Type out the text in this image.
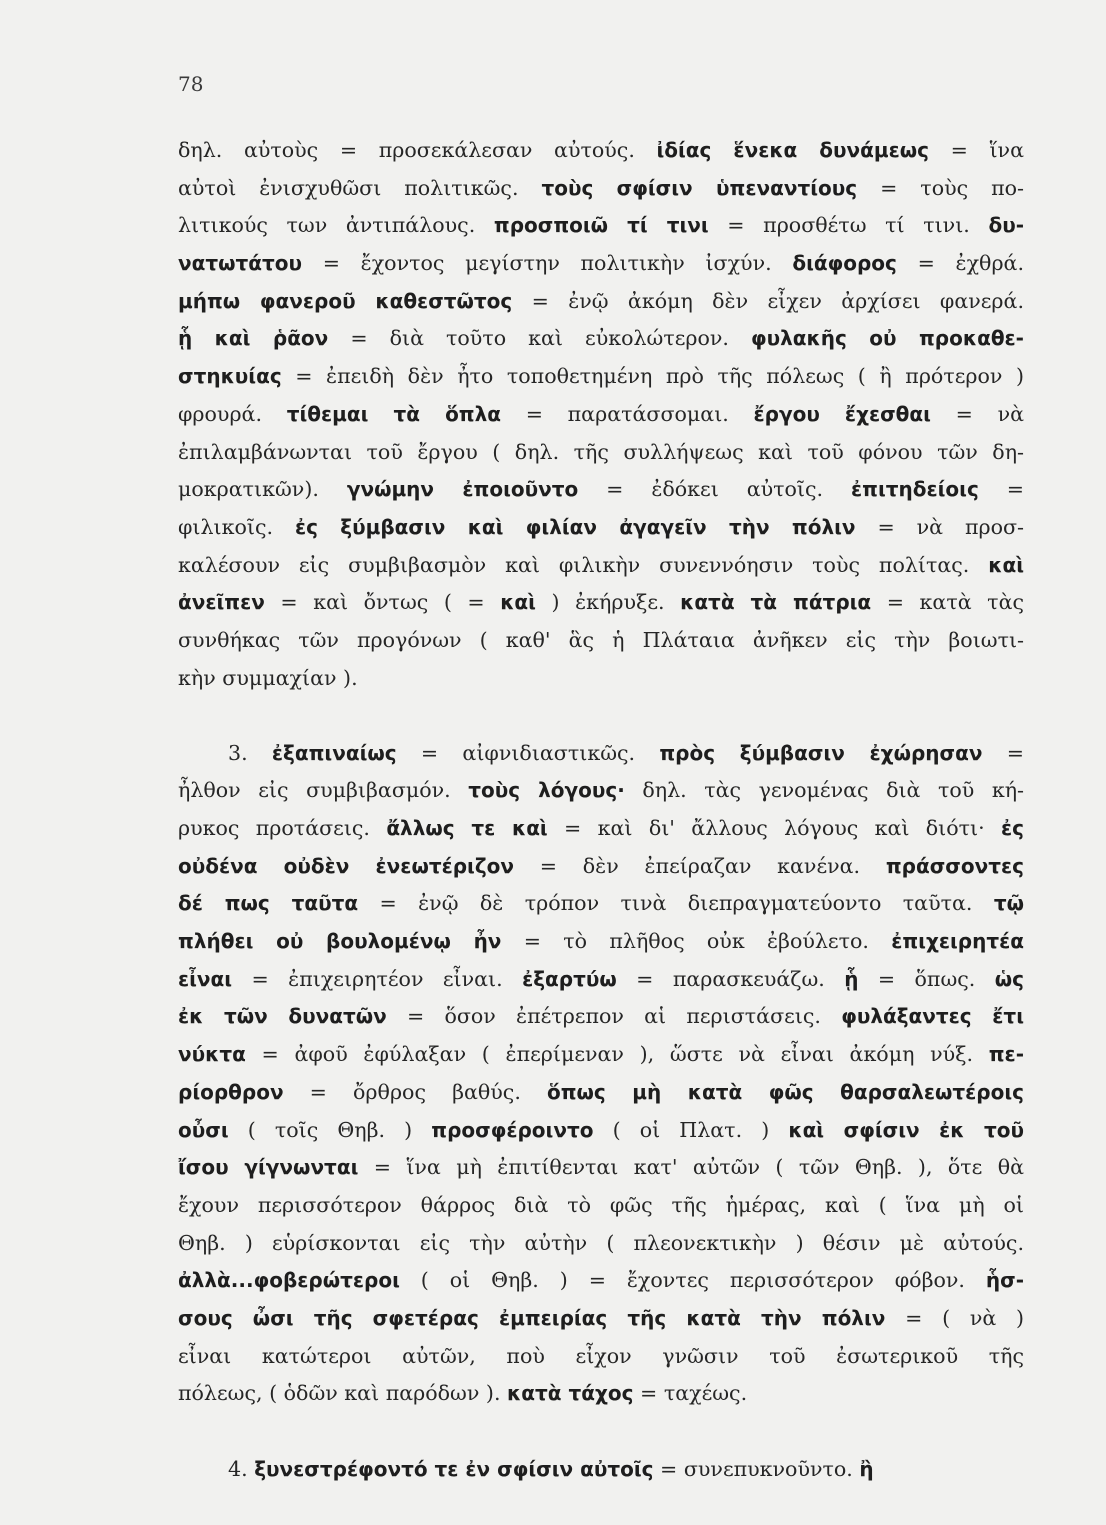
78
δηλ. αὐτοὺς = προσεκάλεσαν αὐτούς. ἰδίας ἕνεκα δυνάμεως = ἵνα
αὐτοὶ ἐνισχυθῶσι πολιτικῶς. τοὺς σφίσιν ὑπεναντίους = τοὺς πο-
λιτικούς των ἀντιπάλους. προσποιῶ τί τινι = προσθέτω τί τινι. δυ-
νατωτάτου = ἔχοντος μεγίστην πολιτικὴν ἰσχύν. διάφορος = ἐχθρά.
μήπω φανεροῦ καθεστῶτος = ἐνῷ ἀκόμη δὲν εἶχεν ἀρχίσει φανερά.
ᾗ καὶ ῥᾶον = διὰ τοῦτο καὶ εὐκολώτερον. φυλακῆς οὐ προκαθε-
στηκυίας = ἐπειδὴ δὲν ἦτο τοποθετημένη πρὸ τῆς πόλεως ( ἢ πρότερον )
φρουρά. τίθεμαι τὰ ὅπλα = παρατάσσομαι. ἔργου ἔχεσθαι = νὰ
ἐπιλαμβάνωνται τοῦ ἔργου ( δηλ. τῆς συλλήψεως καὶ τοῦ φόνου τῶν δη-
μοκρατικῶν). γνώμην ἐποιοῦντο = ἐδόκει αὐτοῖς. ἐπιτηδείοις =
φιλικοῖς. ἐς ξύμβασιν καὶ φιλίαν ἀγαγεῖν τὴν πόλιν = νὰ προσ-
καλέσουν εἰς συμβιβασμὸν καὶ φιλικὴν συνεννόησιν τοὺς πολίτας. καὶ
ἀνεῖπεν = καὶ ὄντως ( = καὶ ) ἐκήρυξε. κατὰ τὰ πάτρια = κατὰ τὰς
συνθήκας τῶν προγόνων ( καθ' ἃς ἡ Πλάταια ἀνῆκεν εἰς τὴν βοιωτι-
κὴν συμμαχίαν ).
3. ἐξαπιναίως = αἰφνιδιαστικῶς. πρὸς ξύμβασιν ἐχώρησαν =
ἦλθον εἰς συμβιβασμόν. τοὺς λόγους· δηλ. τὰς γενομένας διὰ τοῦ κή-
ρυκος προτάσεις. ἄλλως τε καὶ = καὶ δι' ἄλλους λόγους καὶ διότι· ἐς
οὐδένα οὐδὲν ἐνεωτέριζον = δὲν ἐπείραζαν κανένα. πράσσοντες
δέ πως ταῦτα = ἐνῷ δὲ τρόπον τινὰ διεπραγματεύοντο ταῦτα. τῷ
πλήθει οὐ βουλομένῳ ἦν = τὸ πλῆθος οὐκ ἐβούλετο. ἐπιχειρητέα
εἶναι = ἐπιχειρητέον εἶναι. ἐξαρτύω = παρασκευάζω. ᾗ = ὅπως. ὡς
ἐκ τῶν δυνατῶν = ὅσον ἐπέτρεπον αἱ περιστάσεις. φυλάξαντες ἔτι
νύκτα = ἀφοῦ ἐφύλαξαν ( ἐπερίμεναν ), ὥστε νὰ εἶναι ἀκόμη νύξ. πε-
ρίορθρον = ὄρθρος βαθύς. ὅπως μὴ κατὰ φῶς θαρσαλεωτέροις
οὖσι ( τοῖς Θηβ. ) προσφέροιντο ( οἱ Πλατ. ) καὶ σφίσιν ἐκ τοῦ
ἴσου γίγνωνται = ἵνα μὴ ἐπιτίθενται κατ' αὐτῶν ( τῶν Θηβ. ), ὅτε θὰ
ἔχουν περισσότερον θάρρος διὰ τὸ φῶς τῆς ἡμέρας, καὶ ( ἵνα μὴ οἱ
Θηβ. ) εὑρίσκονται εἰς τὴν αὐτὴν ( πλεονεκτικὴν ) θέσιν μὲ αὐτούς.
ἀλλὰ...φοβερώτεροι ( οἱ Θηβ. ) = ἔχοντες περισσότερον φόβον. ἧσ-
σους ὦσι τῆς σφετέρας ἐμπειρίας τῆς κατὰ τὴν πόλιν = ( νὰ )
εἶναι κατώτεροι αὐτῶν, ποὺ εἶχον γνῶσιν τοῦ ἐσωτερικοῦ τῆς
πόλεως, ( ὁδῶν καὶ παρόδων ). κατὰ τάχος = ταχέως.
4. ξυνεστρέφοντό τε ἐν σφίσιν αὐτοῖς = συνεπυκνοῦντο. ἢ
